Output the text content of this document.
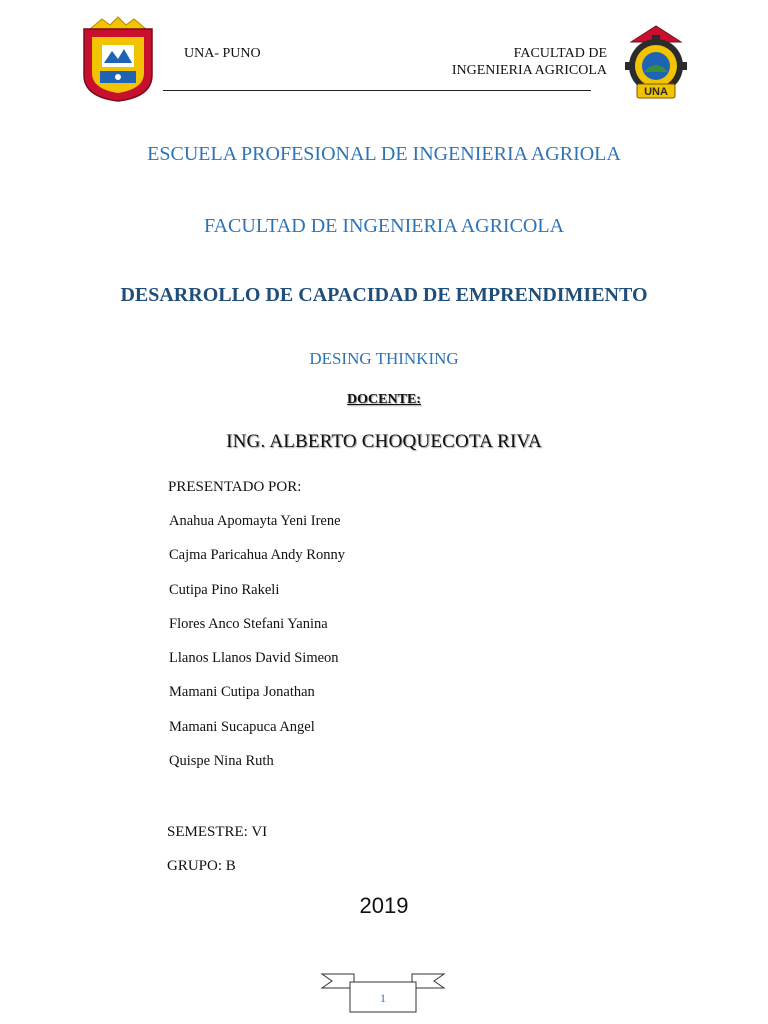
UNA
UNA- PUNO	FACULTAD DE
INGENIERIA AGRICOLA
ESCUELA PROFESIONAL DE INGENIERIA AGRIOLA
FACULTAD DE INGENIERIA AGRICOLA
DESARROLLO DE CAPACIDAD DE EMPRENDIMIENTO
DESING THINKING
DOCENTE:
ING. ALBERTO CHOQUECOTA RIVA
PRESENTADO POR:
Anahua Apomayta Yeni Irene
Cajma Paricahua Andy Ronny
Cutipa Pino Rakeli
Flores Anco Stefani Yanina
Llanos Llanos David Simeon
Mamani Cutipa Jonathan
Mamani Sucapuca Angel
Quispe Nina Ruth
SEMESTRE: VI
GRUPO: B
2019
1
